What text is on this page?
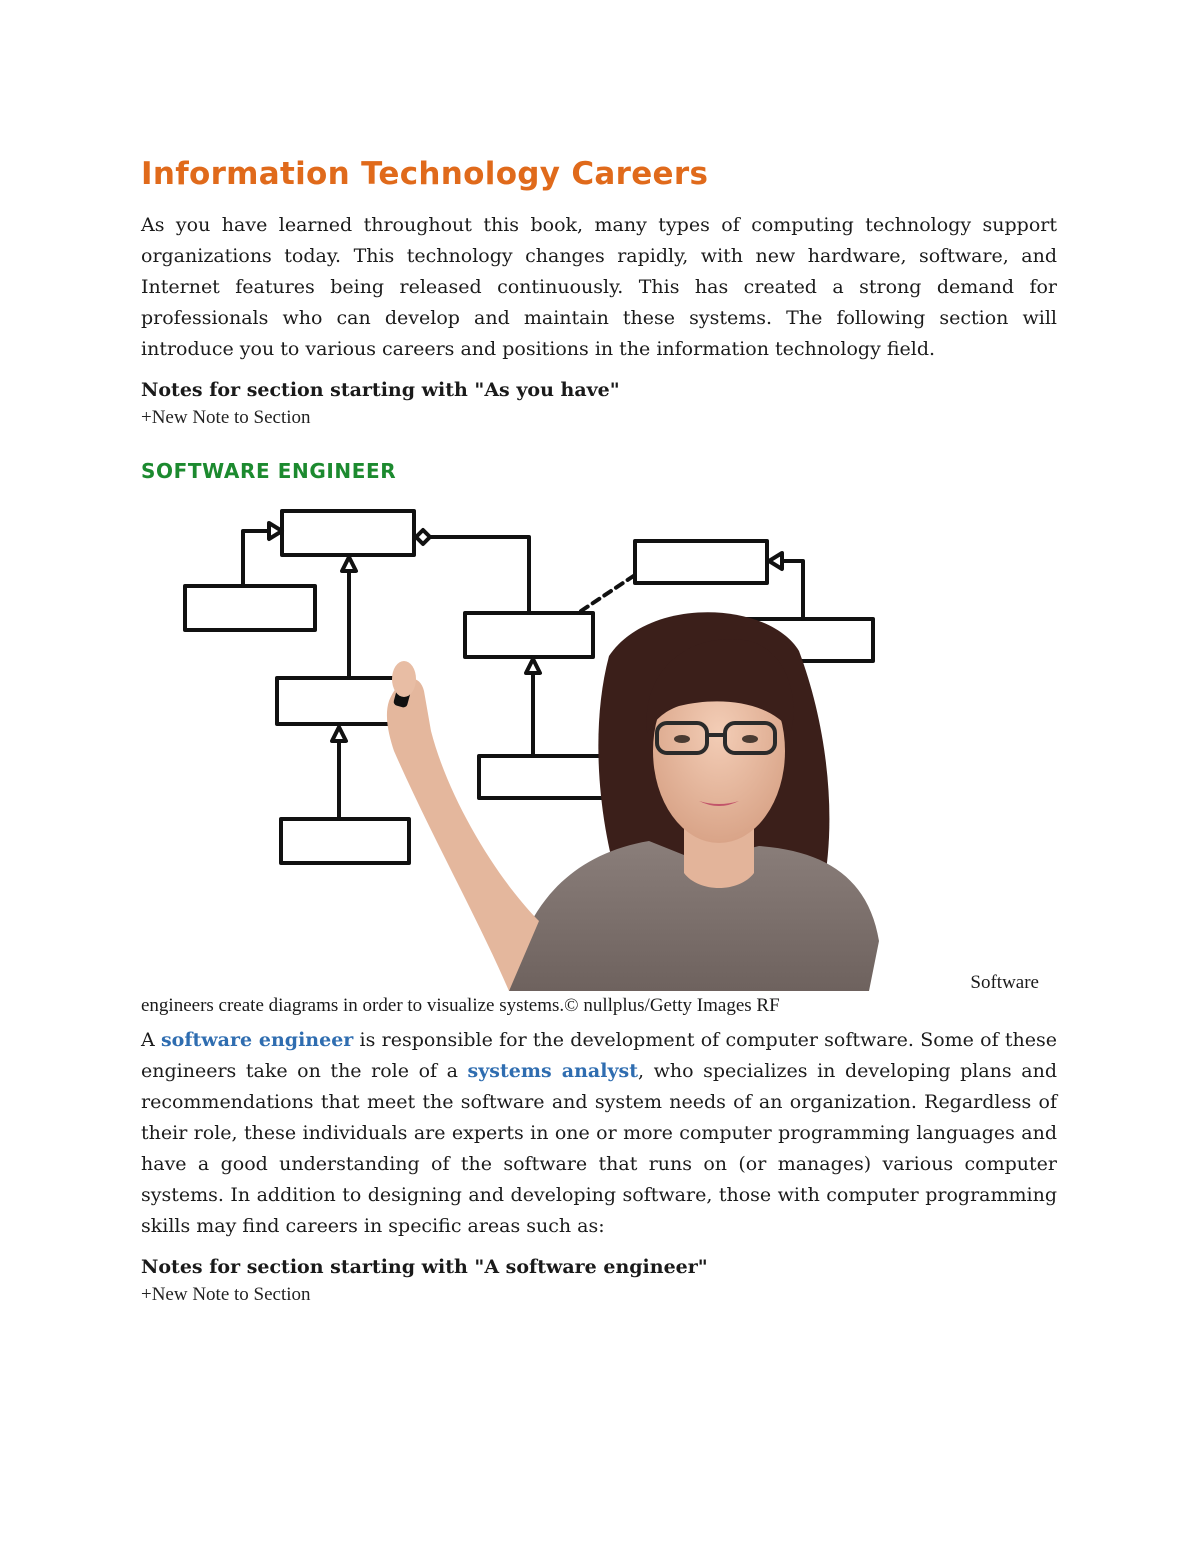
Information Technology Careers

As you have learned throughout this book, many types of computing technology support organizations today. This technology changes rapidly, with new hardware, software, and Internet features being released continuously. This has created a strong demand for professionals who can develop and maintain these systems. The following section will introduce you to various careers and positions in the information technology field.

Notes for section starting with "As you have"
+New Note to Section
SOFTWARE ENGINEER
Software
engineers create diagrams in order to visualize systems.© nullplus/Getty Images RF

A software engineer is responsible for the development of computer software. Some of these engineers take on the role of a systems analyst, who specializes in developing plans and recommendations that meet the software and system needs of an organization. Regardless of their role, these individuals are experts in one or more computer programming languages and have a good understanding of the software that runs on (or manages) various computer systems. In addition to designing and developing software, those with computer programming skills may find careers in specific areas such as:

Notes for section starting with "A software engineer"
+New Note to Section
